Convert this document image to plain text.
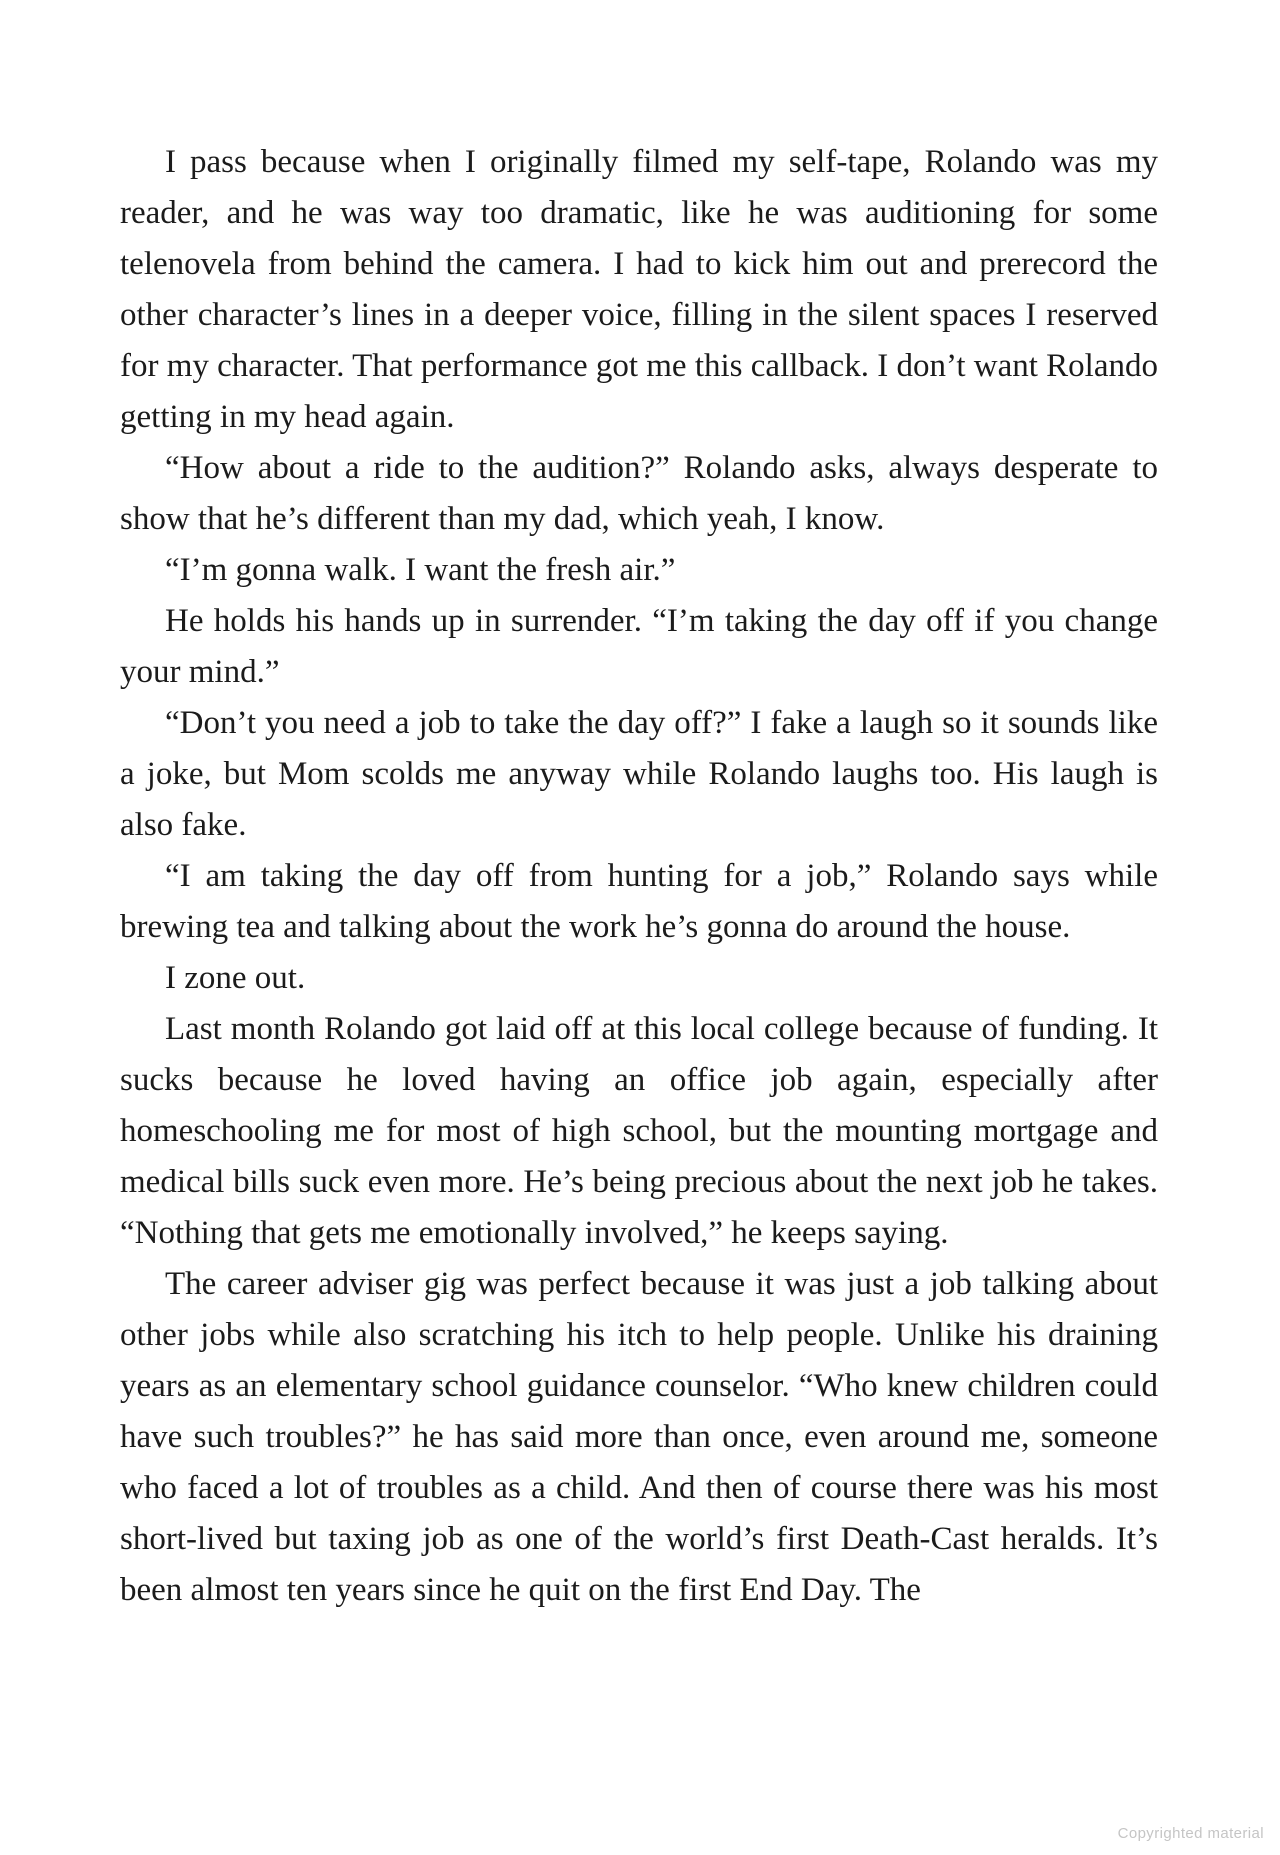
I pass because when I originally filmed my self-tape, Rolando was my reader, and he was way too dramatic, like he was auditioning for some telenovela from behind the camera. I had to kick him out and prerecord the other character’s lines in a deeper voice, filling in the silent spaces I reserved for my character. That performance got me this callback. I don’t want Rolando getting in my head again.

“How about a ride to the audition?” Rolando asks, always desperate to show that he’s different than my dad, which yeah, I know.

“I’m gonna walk. I want the fresh air.”

He holds his hands up in surrender. “I’m taking the day off if you change your mind.”

“Don’t you need a job to take the day off?” I fake a laugh so it sounds like a joke, but Mom scolds me anyway while Rolando laughs too. His laugh is also fake.

“I am taking the day off from hunting for a job,” Rolando says while brewing tea and talking about the work he’s gonna do around the house.

I zone out.

Last month Rolando got laid off at this local college because of funding. It sucks because he loved having an office job again, especially after homeschooling me for most of high school, but the mounting mortgage and medical bills suck even more. He’s being precious about the next job he takes. “Nothing that gets me emotionally involved,” he keeps saying.

The career adviser gig was perfect because it was just a job talking about other jobs while also scratching his itch to help people. Unlike his draining years as an elementary school guidance counselor. “Who knew children could have such troubles?” he has said more than once, even around me, someone who faced a lot of troubles as a child. And then of course there was his most short-lived but taxing job as one of the world’s first Death-Cast heralds. It’s been almost ten years since he quit on the first End Day. The

Copyrighted material
